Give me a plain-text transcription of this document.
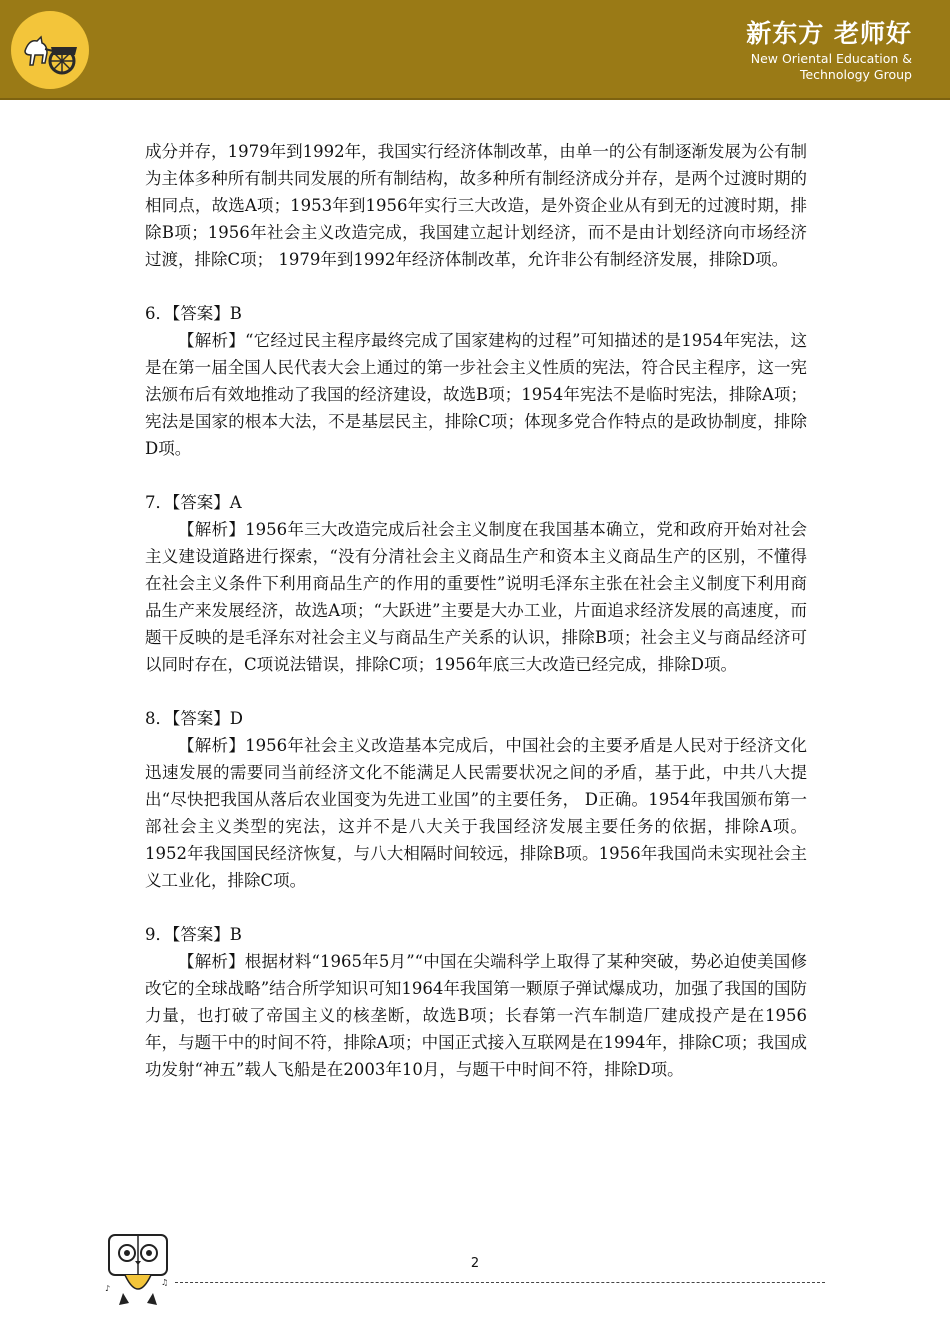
新东方 老师好
New Oriental Education &
Technology Group
成分并存，1979年到1992年，我国实行经济体制改革，由单一的公有制逐渐发展为公有制为主体多种所有制共同发展的所有制结构，故多种所有制经济成分并存，是两个过渡时期的相同点，故选A项；1953年到1956年实行三大改造，是外资企业从有到无的过渡时期，排除B项；1956年社会主义改造完成，我国建立起计划经济，而不是由计划经济向市场经济过渡，排除C项； 1979年到1992年经济体制改革，允许非公有制经济发展，排除D项。
6．【答案】B
【解析】“它经过民主程序最终完成了国家建构的过程”可知描述的是1954年宪法，这是在第一届全国人民代表大会上通过的第一步社会主义性质的宪法，符合民主程序，这一宪法颁布后有效地推动了我国的经济建设，故选B项；1954年宪法不是临时宪法，排除A项；宪法是国家的根本大法，不是基层民主，排除C项；体现多党合作特点的是政协制度，排除D项。
7．【答案】A
【解析】1956年三大改造完成后社会主义制度在我国基本确立，党和政府开始对社会主义建设道路进行探索，“没有分清社会主义商品生产和资本主义商品生产的区别，不懂得在社会主义条件下利用商品生产的作用的重要性”说明毛泽东主张在社会主义制度下利用商品生产来发展经济，故选A项；“大跃进”主要是大办工业，片面追求经济发展的高速度，而题干反映的是毛泽东对社会主义与商品生产关系的认识，排除B项；社会主义与商品经济可以同时存在，C项说法错误，排除C项；1956年底三大改造已经完成，排除D项。
8．【答案】D
【解析】1956年社会主义改造基本完成后，中国社会的主要矛盾是人民对于经济文化迅速发展的需要同当前经济文化不能满足人民需要状况之间的矛盾，基于此，中共八大提出“尽快把我国从落后农业国变为先进工业国”的主要任务， D正确。1954年我国颁布第一部社会主义类型的宪法，这并不是八大关于我国经济发展主要任务的依据，排除A项。1952年我国国民经济恢复，与八大相隔时间较远，排除B项。1956年我国尚未实现社会主义工业化，排除C项。
9．【答案】B
【解析】根据材料“1965年5月”“中国在尖端科学上取得了某种突破，势必迫使美国修改它的全球战略”结合所学知识可知1964年我国第一颗原子弹试爆成功，加强了我国的国防力量，也打破了帝国主义的核垄断，故选B项；长春第一汽车制造厂建成投产是在1956年，与题干中的时间不符，排除A项；中国正式接入互联网是在1994年，排除C项；我国成功发射“神五”载人飞船是在2003年10月，与题干中时间不符，排除D项。
♪
♫
2
